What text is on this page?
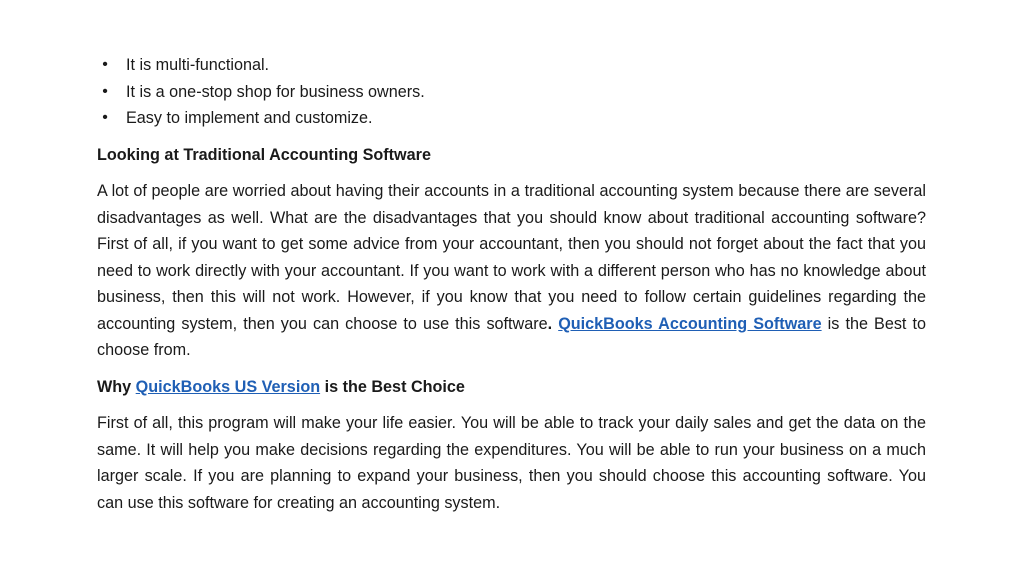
• It is multi-functional.
• It is a one-stop shop for business owners.
• Easy to implement and customize.
Looking at Traditional Accounting Software

A lot of people are worried about having their accounts in a traditional accounting system because there are several disadvantages as well. What are the disadvantages that you should know about traditional accounting software? First of all, if you want to get some advice from your accountant, then you should not forget about the fact that you need to work directly with your accountant. If you want to work with a different person who has no knowledge about business, then this will not work. However, if you know that you need to follow certain guidelines regarding the accounting system, then you can choose to use this software. QuickBooks Accounting Software is the Best to choose from.

Why QuickBooks US Version is the Best Choice

First of all, this program will make your life easier. You will be able to track your daily sales and get the data on the same. It will help you make decisions regarding the expenditures. You will be able to run your business on a much larger scale. If you are planning to expand your business, then you should choose this accounting software. You can use this software for creating an accounting system.
